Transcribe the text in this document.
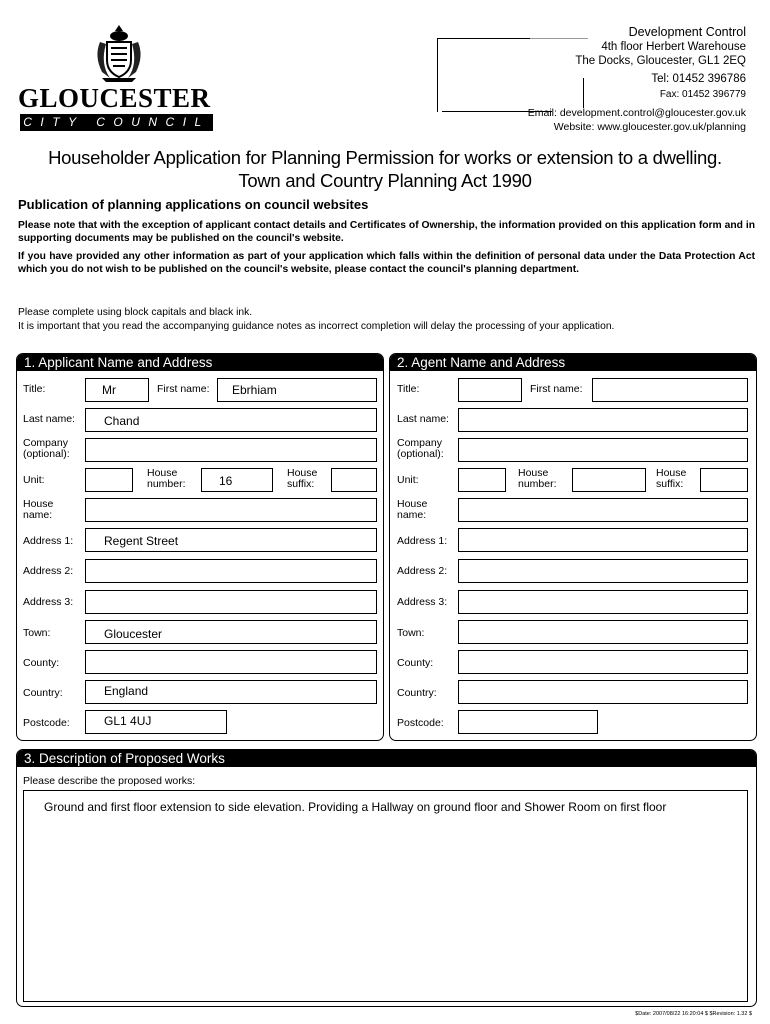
GLOUCESTER
CITY COUNCIL
Development Control
4th floor Herbert Warehouse
The Docks, Gloucester, GL1 2EQ
Tel: 01452 396786
Fax: 01452 396779
Email: development.control@gloucester.gov.uk
Website: www.gloucester.gov.uk/planning
Householder Application for Planning Permission for works or extension to a dwelling.
Town and Country Planning Act 1990
Publication of planning applications on council websites
Please note that with the exception of applicant contact details and Certificates of Ownership, the information provided on this application form and in supporting documents may be published on the council's website.
If you have provided any other information as part of your application which falls within the definition of personal data under the Data Protection Act which you do not wish to be published on the council's website, please contact the council's planning department.
Please complete using block capitals and black ink.
It is important that you read the accompanying guidance notes as incorrect completion will delay the processing of your application.
1. Applicant Name and Address
Title:	Mr	First name: Ebrhiam
Last name: Chand
Company (optional):
Unit:
House number:	16
House suffix:
House name:
Address 1:	Regent Street
Address 2:
Address 3:
Town:	Gloucester
County:
Country:	England
Postcode:	GL1 4UJ
2. Agent Name and Address
Title:	First name:
Last name:
Company (optional):
Unit:
House number:
House suffix:
House name:
Address 1:
Address 2:
Address 3:
Town:
County:
Country:
Postcode:
3. Description of Proposed Works
Please describe the proposed works:
Ground and first floor extension to side elevation. Providing a Hallway on ground floor and Shower Room on first floor
$Date: 2007/08/22 16:20:04 $ $Revision: 1.32 $
